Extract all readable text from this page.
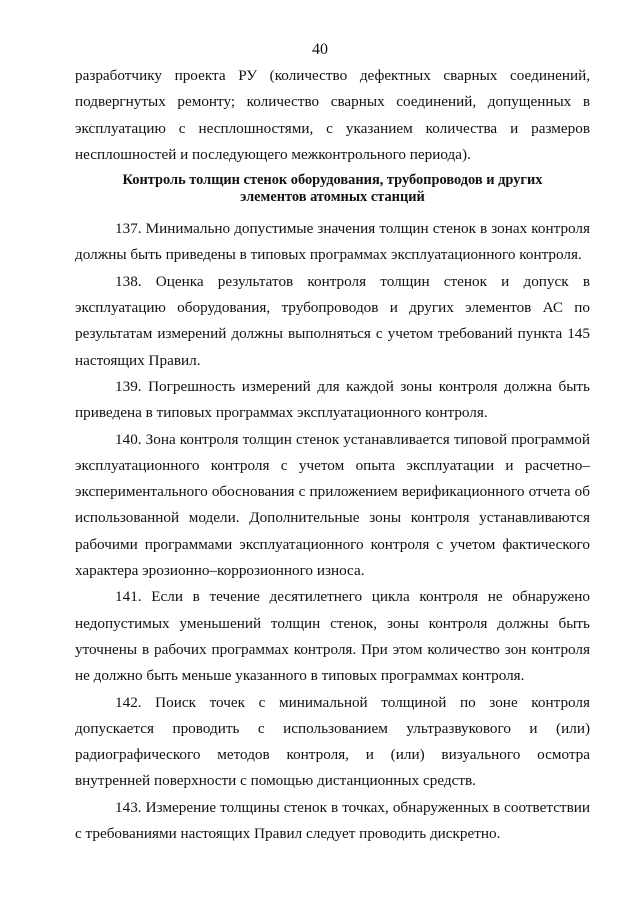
40

разработчику проекта РУ (количество дефектных сварных соединений, подвергнутых ремонту; количество сварных соединений, допущенных в эксплуатацию с несплошностями, с указанием количества и размеров несплошностей и последующего межконтрольного периода).

Контроль толщин стенок оборудования, трубопроводов и других элементов атомных станций

137. Минимально допустимые значения толщин стенок в зонах контроля должны быть приведены в типовых программах эксплуатационного контроля.

138. Оценка результатов контроля толщин стенок и допуск в эксплуатацию оборудования, трубопроводов и других элементов АС по результатам измерений должны выполняться с учетом требований пункта 145 настоящих Правил.

139. Погрешность измерений для каждой зоны контроля должна быть приведена в типовых программах эксплуатационного контроля.

140. Зона контроля толщин стенок устанавливается типовой программой эксплуатационного контроля с учетом опыта эксплуатации и расчетно–экспериментального обоснования с приложением верификационного отчета об использованной модели. Дополнительные зоны контроля устанавливаются рабочими программами эксплуатационного контроля с учетом фактического характера эрозионно–коррозионного износа.

141. Если в течение десятилетнего цикла контроля не обнаружено недопустимых уменьшений толщин стенок, зоны контроля должны быть уточнены в рабочих программах контроля. При этом количество зон контроля не должно быть меньше указанного в типовых программах контроля.

142. Поиск точек с минимальной толщиной по зоне контроля допускается проводить с использованием ультразвукового и (или) радиографического методов контроля, и (или) визуального осмотра внутренней поверхности с помощью дистанционных средств.

143. Измерение толщины стенок в точках, обнаруженных в соответствии с требованиями настоящих Правил следует проводить дискретно.
